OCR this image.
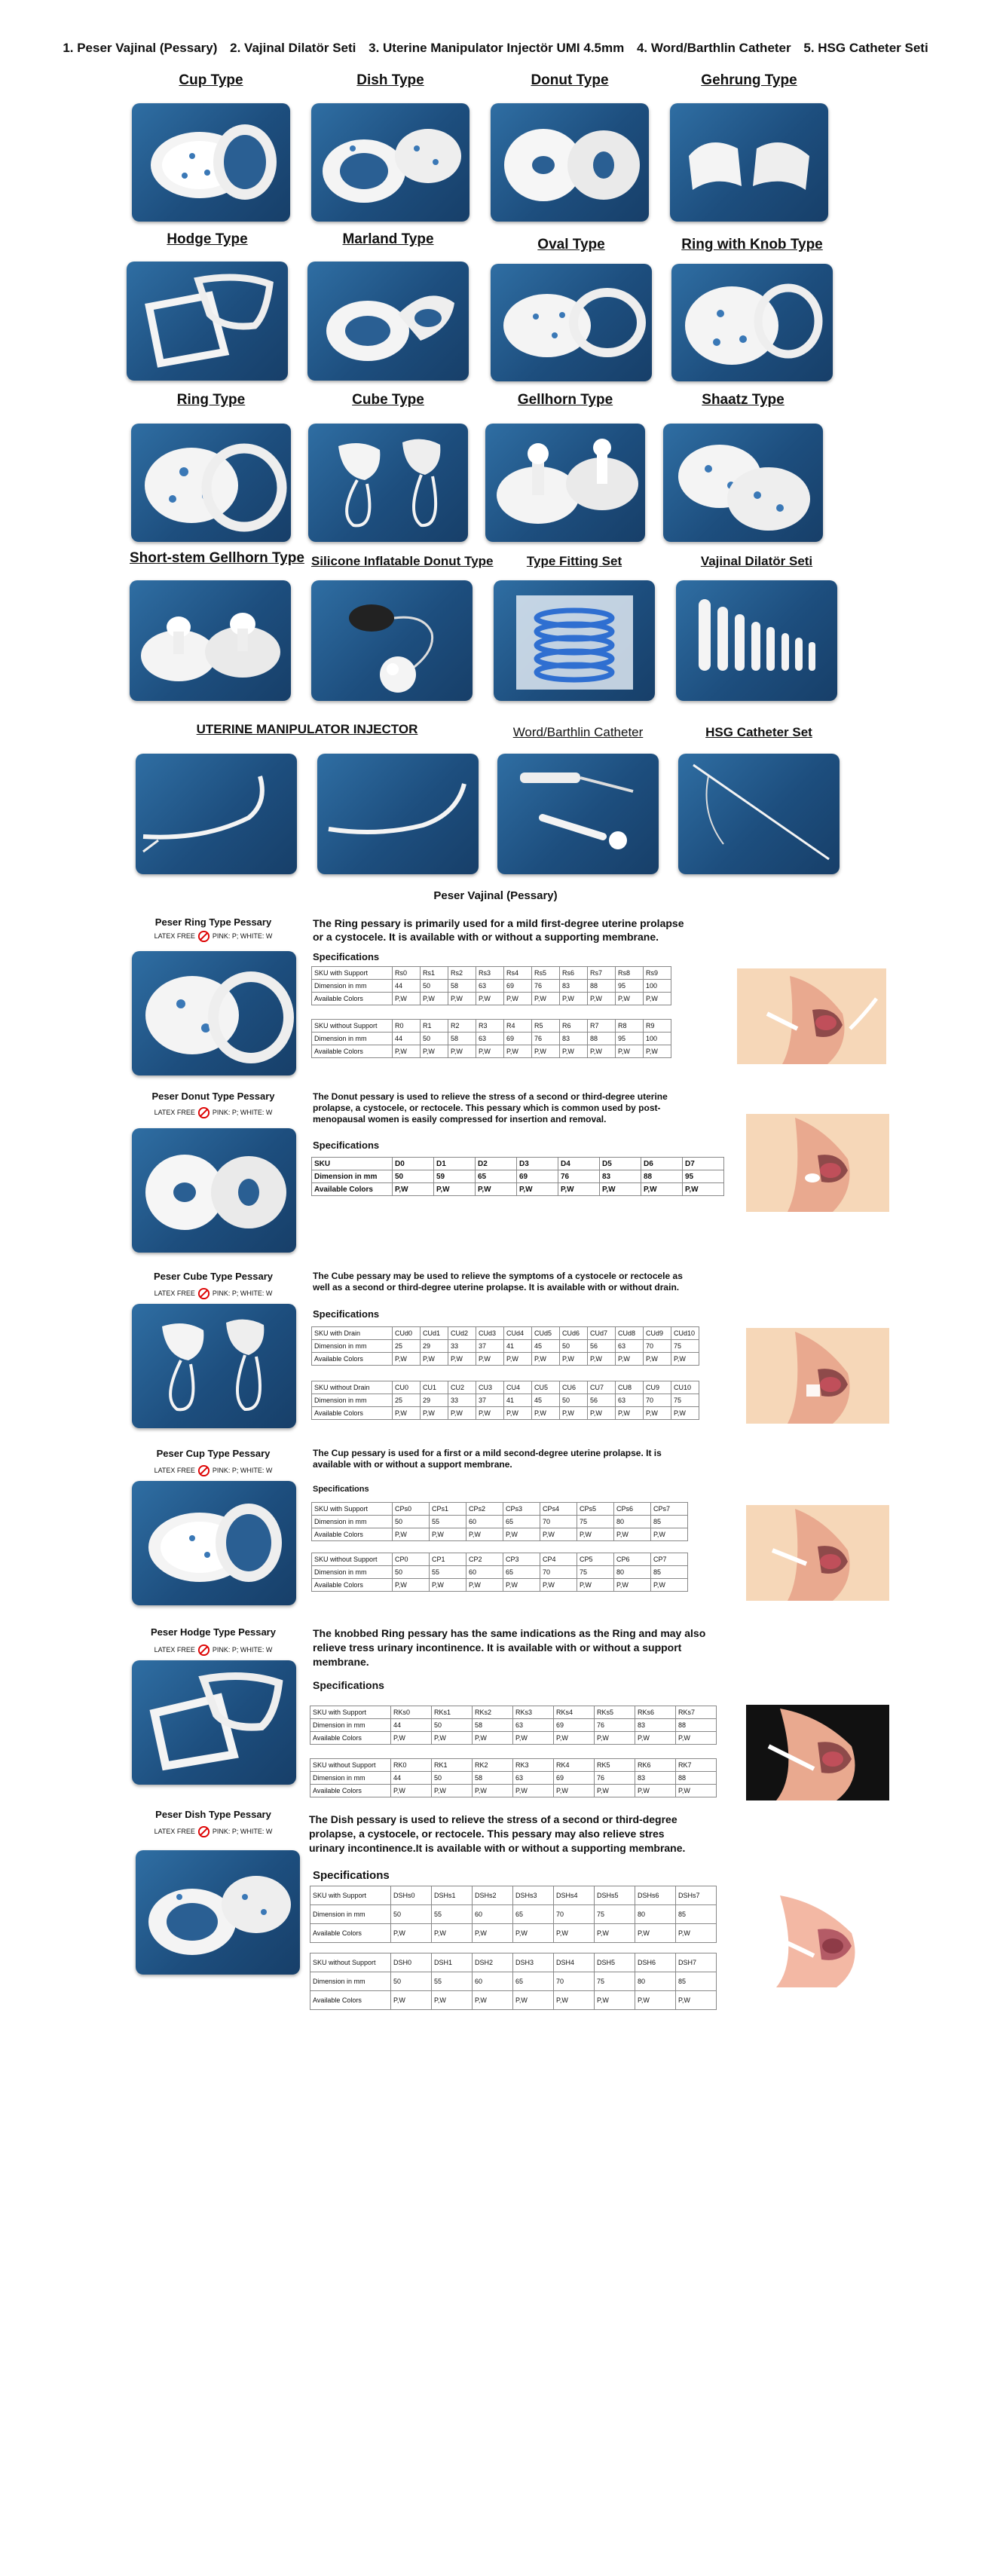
1. Peser Vajinal (Pessary) 2. Vajinal Dilatör Seti 3. Uterine Manipulator Injectör UMI 4.5mm 4. Word/Barthlin Catheter 5. HSG Catheter Seti
Cup Type	Dish Type	Donut Type	Gehrung Type
Hodge Type	Marland Type	Oval Type	Ring with Knob Type
Ring Type	Cube Type	Gellhorn Type	Shaatz Type
Short-stem Gellhorn Type Silicone Inflatable Donut Type	Type Fitting Set	Vajinal Dilatör Seti
UTERINE MANIPULATOR INJECTOR	Word/Barthlin Catheter	HSG Catheter Set
Peser Vajinal (Pessary)
Peser Ring Type Pessary
LATEX FREE	PINK: P; WHITE: W
The Ring pessary is primarily used for a mild first-degree uterine prolapse
or a cystocele. It is available with or without a supporting membrane.
Specifications
SKU with Support	Rs0	Rs1	Rs2	Rs3	Rs4	Rs5	Rs6	Rs7	Rs8	Rs9
Dimension in mm	44	50	58	63	69	76	83	88	95	100
Available Colors	P,W	P,W	P,W	P,W	P,W	P,W	P,W	P,W	P,W	P,W
SKU without Support	R0	R1	R2	R3	R4	R5	R6	R7	R8	R9
Dimension in mm	44	50	58	63	69	76	83	88	95	100
Available Colors	P,W	P,W	P,W	P,W	P,W	P,W	P,W	P,W	P,W	P,W
Peser Donut Type Pessary
LATEX FREE	PINK: P; WHITE: W
The Donut pessary is used to relieve the stress of a second or third-degree uterine
prolapse, a cystocele, or rectocele. This pessary which is common used by post-
menopausal women is easily compressed for insertion and removal.
Specifications
SKU	D0	D1	D2	D3	D4	D5	D6	D7
Dimension in mm	50	59	65	69	76	83	88	95
Available Colors	P,W	P,W	P,W	P,W	P,W	P,W	P,W	P,W
Peser Cube Type Pessary
LATEX FREE	PINK: P; WHITE: W
The Cube pessary may be used to relieve the symptoms of a cystocele or rectocele as
well as a second or third-degree uterine prolapse. It is available with or without drain.
Specifications
SKU with Drain	CUd0	CUd1	CUd2	CUd3	CUd4	CUd5	CUd6	CUd7	CUd8	CUd9	CUd10
Dimension in mm	25	29	33	37	41	45	50	56	63	70	75
Available Colors	P,W	P,W	P,W	P,W	P,W	P,W	P,W	P,W	P,W	P,W	P,W
SKU without Drain	CU0	CU1	CU2	CU3	CU4	CU5	CU6	CU7	CU8	CU9	CU10
Dimension in mm	25	29	33	37	41	45	50	56	63	70	75
Available Colors	P,W	P,W	P,W	P,W	P,W	P,W	P,W	P,W	P,W	P,W	P,W
Peser Cup Type Pessary
LATEX FREE	PINK: P; WHITE: W
The Cup pessary is used for a first or a mild second-degree uterine prolapse. It is
available with or without a support membrane.
Specifications
SKU with Support	CPs0	CPs1	CPs2	CPs3	CPs4	CPs5	CPs6	CPs7
Dimension in mm	50	55	60	65	70	75	80	85
Available Colors	P,W	P,W	P,W	P,W	P,W	P,W	P,W	P,W
SKU without Support	CP0	CP1	CP2	CP3	CP4	CP5	CP6	CP7
Dimension in mm	50	55	60	65	70	75	80	85
Available Colors	P,W	P,W	P,W	P,W	P,W	P,W	P,W	P,W
Peser Hodge Type Pessary
LATEX FREE	PINK: P; WHITE: W
The knobbed Ring pessary has the same indications as the Ring and may also
relieve tress urinary incontinence. It is available with or without a support
membrane.
Specifications
SKU with Support	RKs0	RKs1	RKs2	RKs3	RKs4	RKs5	RKs6	RKs7
Dimension in mm	44	50	58	63	69	76	83	88
Available Colors	P,W	P,W	P,W	P,W	P,W	P,W	P,W	P,W
SKU without Support	RK0	RK1	RK2	RK3	RK4	RK5	RK6	RK7
Dimension in mm	44	50	58	63	69	76	83	88
Available Colors	P,W	P,W	P,W	P,W	P,W	P,W	P,W	P,W
Peser Dish Type Pessary
LATEX FREE	PINK: P; WHITE: W
The Dish pessary is used to relieve the stress of a second or third-degree
prolapse, a cystocele, or rectocele. This pessary may also relieve stres
urinary incontinence.It is available with or without a supporting membrane.
Specifications
SKU with Support	DSHs0	DSHs1	DSHs2	DSHs3	DSHs4	DSHs5	DSHs6	DSHs7
Dimension in mm	50	55	60	65	70	75	80	85
Available Colors	P,W	P,W	P,W	P,W	P,W	P,W	P,W	P,W
SKU without Support	DSH0	DSH1	DSH2	DSH3	DSH4	DSH5	DSH6	DSH7
Dimension in mm	50	55	60	65	70	75	80	85
Available Colors	P,W	P,W	P,W	P,W	P,W	P,W	P,W	P,W
